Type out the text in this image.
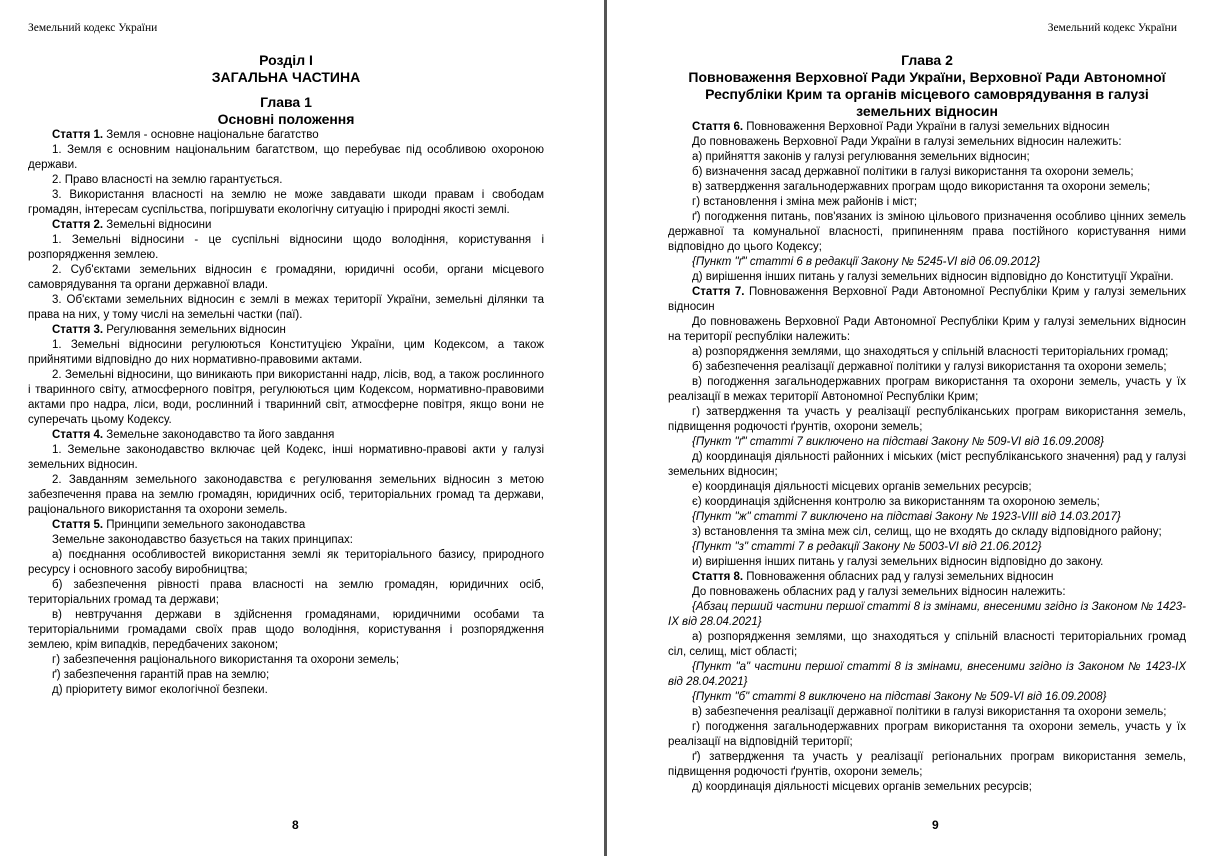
Земельний кодекс України
Розділ І
ЗАГАЛЬНА ЧАСТИНА
Глава 1
Основні положення
Стаття 1. Земля - основне національне багатство
1. Земля є основним національним багатством, що перебуває під особливою охороною держави.
2. Право власності на землю гарантується.
3. Використання власності на землю не може завдавати шкоди правам і свободам громадян, інтересам суспільства, погіршувати екологічну ситуацію і природні якості землі.
Стаття 2. Земельні відносини
1. Земельні відносини - це суспільні відносини щодо володіння, користування і розпорядження землею.
2. Суб'єктами земельних відносин є громадяни, юридичні особи, органи місцевого самоврядування та органи державної влади.
3. Об'єктами земельних відносин є землі в межах території України, земельні ділянки та права на них, у тому числі на земельні частки (паї).
Стаття 3. Регулювання земельних відносин
1. Земельні відносини регулюються Конституцією України, цим Кодексом, а також прийнятими відповідно до них нормативно-правовими актами.
2. Земельні відносини, що виникають при використанні надр, лісів, вод, а також рослинного і тваринного світу, атмосферного повітря, регулюються цим Кодексом, нормативно-правовими актами про надра, ліси, води, рослинний і тваринний світ, атмосферне повітря, якщо вони не суперечать цьому Кодексу.
Стаття 4. Земельне законодавство та його завдання
1. Земельне законодавство включає цей Кодекс, інші нормативно-правові акти у галузі земельних відносин.
2. Завданням земельного законодавства є регулювання земельних відносин з метою забезпечення права на землю громадян, юридичних осіб, територіальних громад та держави, раціонального використання та охорони земель.
Стаття 5. Принципи земельного законодавства
Земельне законодавство базується на таких принципах:
а) поєднання особливостей використання землі як територіального базису, природного ресурсу і основного засобу виробництва;
б) забезпечення рівності права власності на землю громадян, юридичних осіб, територіальних громад та держави;
в) невтручання держави в здійснення громадянами, юридичними особами та територіальними громадами своїх прав щодо володіння, користування і розпорядження землею, крім випадків, передбачених законом;
г) забезпечення раціонального використання та охорони земель;
ґ) забезпечення гарантій прав на землю;
д) пріоритету вимог екологічної безпеки.
8
Земельний кодекс України
Глава 2
Повноваження Верховної Ради України, Верховної Ради Автономної Республіки Крим та органів місцевого самоврядування в галузі земельних відносин
Стаття 6. Повноваження Верховної Ради України в галузі земельних відносин
До повноважень Верховної Ради України в галузі земельних відносин належить:
а) прийняття законів у галузі регулювання земельних відносин;
б) визначення засад державної політики в галузі використання та охорони земель;
в) затвердження загальнодержавних програм щодо використання та охорони земель;
г) встановлення і зміна меж районів і міст;
ґ) погодження питань, пов'язаних із зміною цільового призначення особливо цінних земель державної та комунальної власності, припиненням права постійного користування ними відповідно до цього Кодексу;
{Пункт "ґ" статті 6 в редакції Закону № 5245-VI від 06.09.2012}
д) вирішення інших питань у галузі земельних відносин відповідно до Конституції України.
Стаття 7. Повноваження Верховної Ради Автономної Республіки Крим у галузі земельних відносин
До повноважень Верховної Ради Автономної Республіки Крим у галузі земельних відносин на території республіки належить:
а) розпорядження землями, що знаходяться у спільній власності територіальних громад;
б) забезпечення реалізації державної політики у галузі використання та охорони земель;
в) погодження загальнодержавних програм використання та охорони земель, участь у їх реалізації в межах території Автономної Республіки Крим;
г) затвердження та участь у реалізації республіканських програм використання земель, підвищення родючості ґрунтів, охорони земель;
{Пункт "ґ" статті 7 виключено на підставі Закону № 509-VI від 16.09.2008}
д) координація діяльності районних і міських (міст республіканського значення) рад у галузі земельних відносин;
е) координація діяльності місцевих органів земельних ресурсів;
є) координація здійснення контролю за використанням та охороною земель;
{Пункт "ж" статті 7 виключено на підставі Закону № 1923-VIII від 14.03.2017}
з) встановлення та зміна меж сіл, селищ, що не входять до складу відповідного району;
{Пункт "з" статті 7 в редакції Закону № 5003-VI від 21.06.2012}
и) вирішення інших питань у галузі земельних відносин відповідно до закону.
Стаття 8. Повноваження обласних рад у галузі земельних відносин
До повноважень обласних рад у галузі земельних відносин належить:
{Абзац перший частини першої статті 8 із змінами, внесеними згідно із Законом № 1423-IX від 28.04.2021}
а) розпорядження землями, що знаходяться у спільній власності територіальних громад сіл, селищ, міст області;
{Пункт "а" частини першої статті 8 із змінами, внесеними згідно із Законом № 1423-IX від 28.04.2021}
{Пункт "б" статті 8 виключено на підставі Закону № 509-VI від 16.09.2008}
в) забезпечення реалізації державної політики в галузі використання та охорони земель;
г) погодження загальнодержавних програм використання та охорони земель, участь у їх реалізації на відповідній території;
ґ) затвердження та участь у реалізації регіональних програм використання земель, підвищення родючості ґрунтів, охорони земель;
д) координація діяльності місцевих органів земельних ресурсів;
9
